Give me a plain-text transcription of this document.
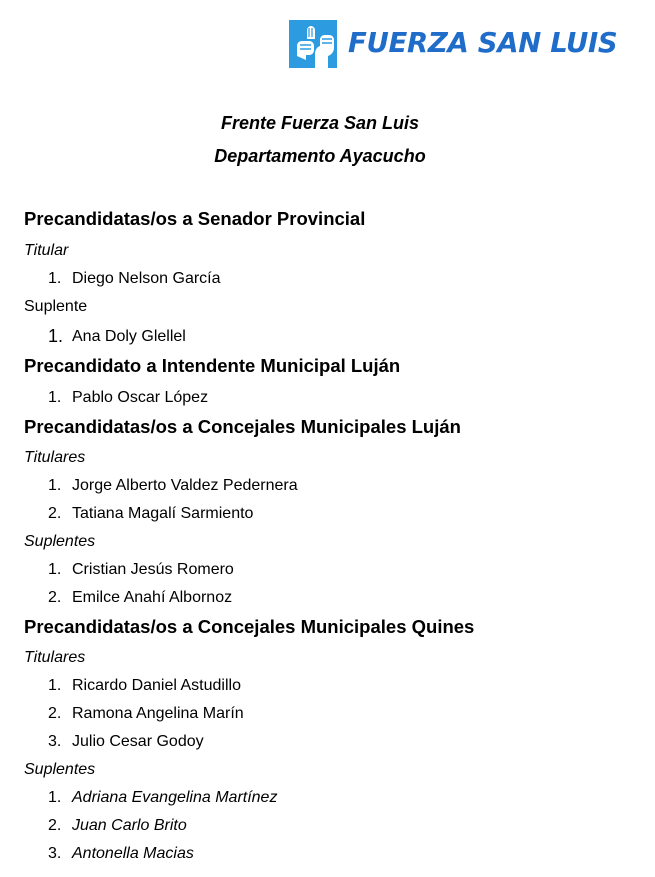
FUERZA SAN LUIS
Frente Fuerza San Luis
Departamento Ayacucho
Precandidatas/os a Senador Provincial
Titular
1. Diego Nelson García
Suplente
1. Ana Doly Glellel
Precandidato a Intendente Municipal Luján
1. Pablo Oscar López
Precandidatas/os a Concejales Municipales Luján
Titulares
1. Jorge Alberto Valdez Pedernera
2. Tatiana Magalí Sarmiento
Suplentes
1. Cristian Jesús Romero
2. Emilce Anahí Albornoz
Precandidatas/os a Concejales Municipales Quines
Titulares
1. Ricardo Daniel Astudillo
2. Ramona Angelina Marín
3. Julio Cesar Godoy
Suplentes
1. Adriana Evangelina Martínez
2. Juan Carlo Brito
3. Antonella Macias
